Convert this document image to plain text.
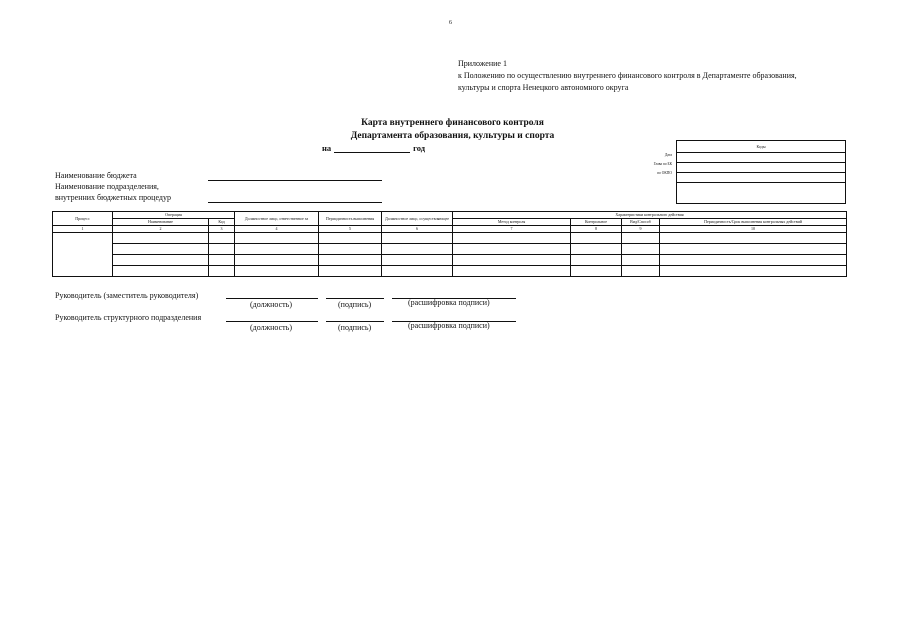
6
Приложение 1
к Положению по осуществлению внутреннего финансового контроля в Департаменте образования,
культуры и спорта Ненецкого автономного округа
Карта внутреннего финансового контроля
Департамента образования, культуры и спорта
на	год
Дата
Глава по БК
по ОКПО
Коды
Наименование бюджета
Наименование подразделения,
внутренних бюджетных процедур
Процесс	Операция		Должностное лицо, ответственное за	Периодичность выполнения	Должностное лицо, осуществляющее	Характеристики контрольного действия			
	Наименование	Код				Метод контроля	Контрольное	Вид/Способ	Периодичность/Срок выполнения контрольных действий
1	2	3	4	5	6	7	8	9	10

Руководитель (заместитель руководителя)
(должность)	(подпись)	(расшифровка подписи)
Руководитель структурного подразделения
(должность)	(подпись)	(расшифровка подписи)
